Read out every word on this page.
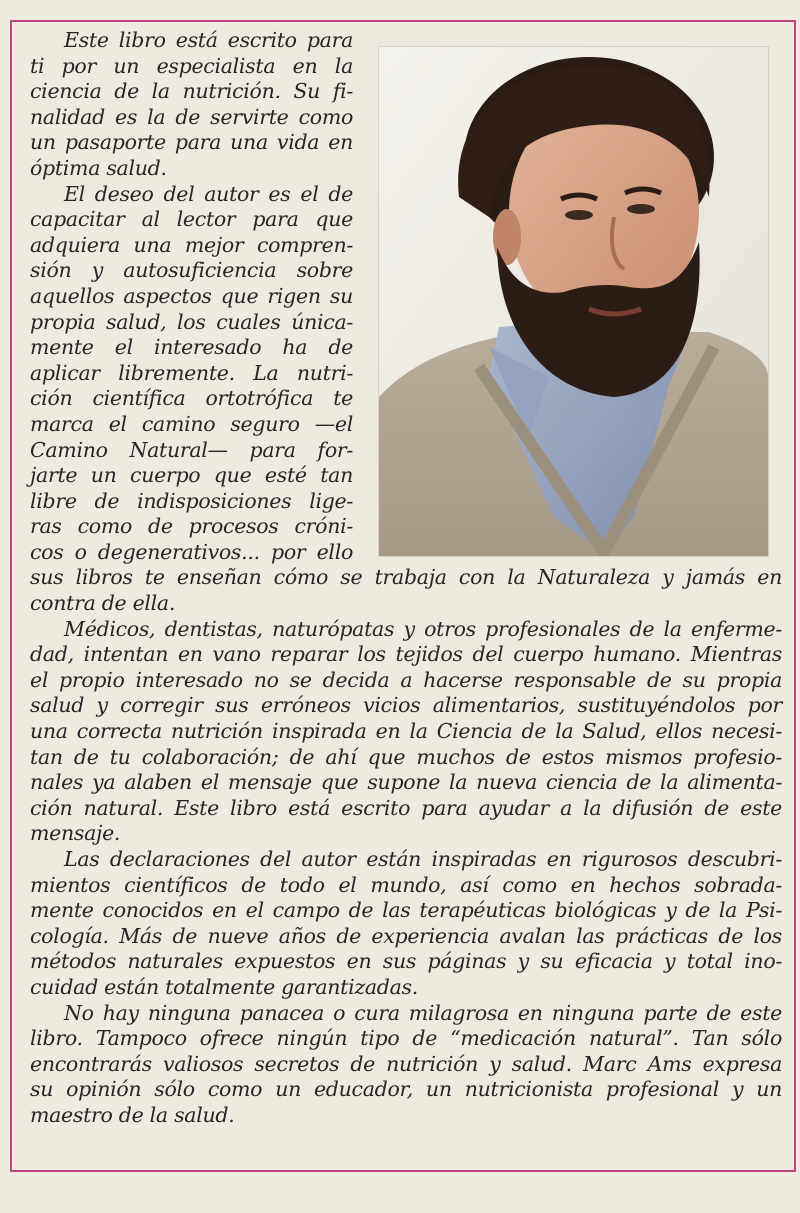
Este libro está escrito para
ti por un especialista en la
ciencia de la nutrición. Su fi-
nalidad es la de servirte como
un pasaporte para una vida en
óptima salud.
El deseo del autor es el de
capacitar al lector para que
adquiera una mejor compren-
sión y autosuficiencia sobre
aquellos aspectos que rigen su
propia salud, los cuales única-
mente el interesado ha de
aplicar libremente. La nutri-
ción científica ortotrófica te
marca el camino seguro —el
Camino Natural— para for-
jarte un cuerpo que esté tan
libre de indisposiciones lige-
ras como de procesos cróni-
cos o degenerativos... por ello
sus libros te enseñan cómo se trabaja con la Naturaleza y jamás en
contra de ella.
Médicos, dentistas, naturópatas y otros profesionales de la enferme-
dad, intentan en vano reparar los tejidos del cuerpo humano. Mientras
el propio interesado no se decida a hacerse responsable de su propia
salud y corregir sus erróneos vicios alimentarios, sustituyéndolos por
una correcta nutrición inspirada en la Ciencia de la Salud, ellos necesi-
tan de tu colaboración; de ahí que muchos de estos mismos profesio-
nales ya alaben el mensaje que supone la nueva ciencia de la alimenta-
ción natural. Este libro está escrito para ayudar a la difusión de este
mensaje.
Las declaraciones del autor están inspiradas en rigurosos descubri-
mientos científicos de todo el mundo, así como en hechos sobrada-
mente conocidos en el campo de las terapéuticas biológicas y de la Psi-
cología. Más de nueve años de experiencia avalan las prácticas de los
métodos naturales expuestos en sus páginas y su eficacia y total ino-
cuidad están totalmente garantizadas.
No hay ninguna panacea o cura milagrosa en ninguna parte de este
libro. Tampoco ofrece ningún tipo de “medicación natural”. Tan sólo
encontrarás valiosos secretos de nutrición y salud. Marc Ams expresa
su opinión sólo como un educador, un nutricionista profesional y un
maestro de la salud.
